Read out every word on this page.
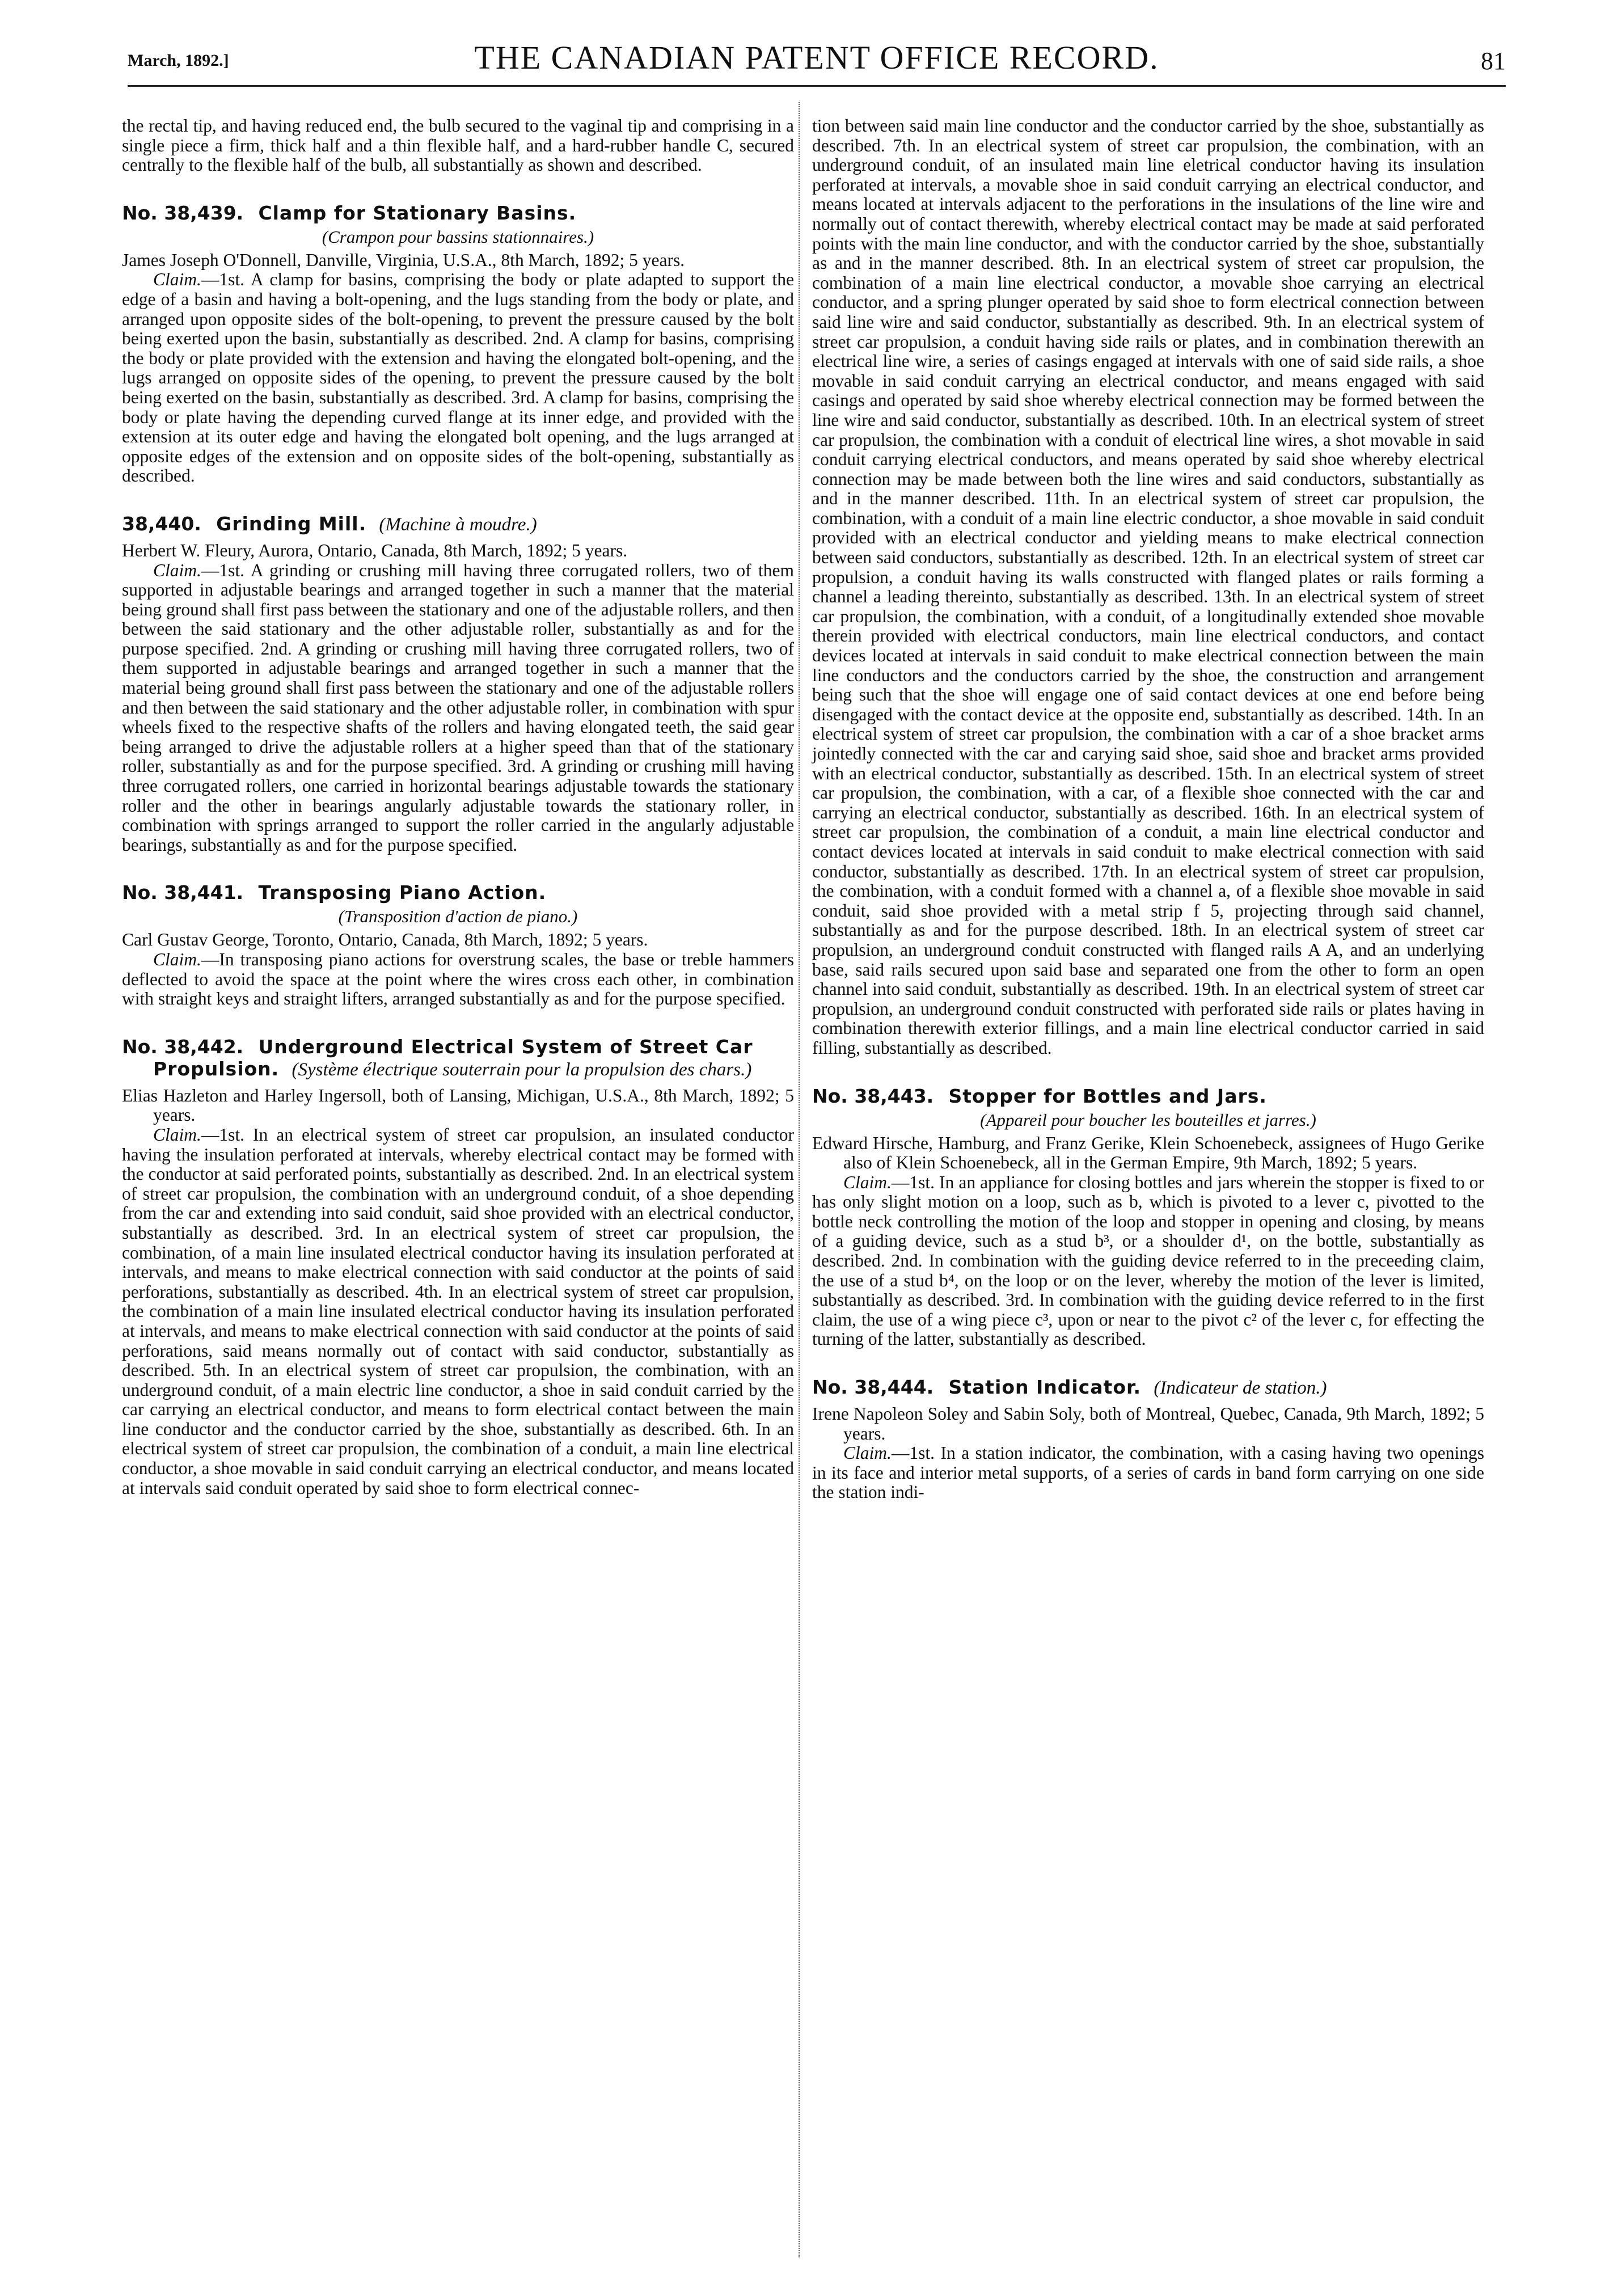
March, 1892.]	THE CANADIAN PATENT OFFICE RECORD.	81

the rectal tip, and having reduced end, the bulb secured to the vaginal tip and comprising in a single piece a firm, thick half and a thin flexible half, and a hard-rubber handle C, secured centrally to the flexible half of the bulb, all substantially as shown and described.

No. 38,439. Clamp for Stationary Basins.

(Crampon pour bassins stationnaires.)

James Joseph O'Donnell, Danville, Virginia, U.S.A., 8th March, 1892; 5 years.

Claim.—1st. A clamp for basins, comprising the body or plate adapted to support the edge of a basin and having a bolt-opening, and the lugs standing from the body or plate, and arranged upon opposite sides of the bolt-opening, to prevent the pressure caused by the bolt being exerted upon the basin, substantially as described. 2nd. A clamp for basins, comprising the body or plate provided with the extension and having the elongated bolt-opening, and the lugs arranged on opposite sides of the opening, to prevent the pressure caused by the bolt being exerted on the basin, substantially as described. 3rd. A clamp for basins, comprising the body or plate having the depending curved flange at its inner edge, and provided with the extension at its outer edge and having the elongated bolt opening, and the lugs arranged at opposite edges of the extension and on opposite sides of the bolt-opening, substantially as described.

38,440. Grinding Mill. (Machine à moudre.)

Herbert W. Fleury, Aurora, Ontario, Canada, 8th March, 1892; 5 years.

Claim.—1st. A grinding or crushing mill having three corrugated rollers, two of them supported in adjustable bearings and arranged together in such a manner that the material being ground shall first pass between the stationary and one of the adjustable rollers, and then between the said stationary and the other adjustable roller, substantially as and for the purpose specified. 2nd. A grinding or crushing mill having three corrugated rollers, two of them supported in adjustable bearings and arranged together in such a manner that the material being ground shall first pass between the stationary and one of the adjustable rollers and then between the said stationary and the other adjustable roller, in combination with spur wheels fixed to the respective shafts of the rollers and having elongated teeth, the said gear being arranged to drive the adjustable rollers at a higher speed than that of the stationary roller, substantially as and for the purpose specified. 3rd. A grinding or crushing mill having three corrugated rollers, one carried in horizontal bearings adjustable towards the stationary roller and the other in bearings angularly adjustable towards the stationary roller, in combination with springs arranged to support the roller carried in the angularly adjustable bearings, substantially as and for the purpose specified.

No. 38,441. Transposing Piano Action.

(Transposition d'action de piano.)

Carl Gustav George, Toronto, Ontario, Canada, 8th March, 1892; 5 years.

Claim.—In transposing piano actions for overstrung scales, the base or treble hammers deflected to avoid the space at the point where the wires cross each other, in combination with straight keys and straight lifters, arranged substantially as and for the purpose specified.

No. 38,442. Underground Electrical System of Street Car Propulsion. (Système électrique souterrain pour la propulsion des chars.)

Elias Hazleton and Harley Ingersoll, both of Lansing, Michigan, U.S.A., 8th March, 1892; 5 years.

Claim.—1st. In an electrical system of street car propulsion, an insulated conductor having the insulation perforated at intervals, whereby electrical contact may be formed with the conductor at said perforated points, substantially as described. 2nd. In an electrical system of street car propulsion, the combination with an underground conduit, of a shoe depending from the car and extending into said conduit, said shoe provided with an electrical conductor, substantially as described. 3rd. In an electrical system of street car propulsion, the combination, of a main line insulated electrical conductor having its insulation perforated at intervals, and means to make electrical connection with said conductor at the points of said perforations, substantially as described. 4th. In an electrical system of street car propulsion, the combination of a main line insulated electrical conductor having its insulation perforated at intervals, and means to make electrical connection with said conductor at the points of said perforations, said means normally out of contact with said conductor, substantially as described. 5th. In an electrical system of street car propulsion, the combination, with an underground conduit, of a main electric line conductor, a shoe in said conduit carried by the car carrying an electrical conductor, and means to form electrical contact between the main line conductor and the conductor carried by the shoe, substantially as described. 6th. In an electrical system of street car propulsion, the combination of a conduit, a main line electrical conductor, a shoe movable in said conduit carrying an electrical conductor, and means located at intervals said conduit operated by said shoe to form electrical connec-

tion between said main line conductor and the conductor carried by the shoe, substantially as described. 7th. In an electrical system of street car propulsion, the combination, with an underground conduit, of an insulated main line eletrical conductor having its insulation perforated at intervals, a movable shoe in said conduit carrying an electrical conductor, and means located at intervals adjacent to the perforations in the insulations of the line wire and normally out of contact therewith, whereby electrical contact may be made at said perforated points with the main line conductor, and with the conductor carried by the shoe, substantially as and in the manner described. 8th. In an electrical system of street car propulsion, the combination of a main line electrical conductor, a movable shoe carrying an electrical conductor, and a spring plunger operated by said shoe to form electrical connection between said line wire and said conductor, substantially as described. 9th. In an electrical system of street car propulsion, a conduit having side rails or plates, and in combination therewith an electrical line wire, a series of casings engaged at intervals with one of said side rails, a shoe movable in said conduit carrying an electrical conductor, and means engaged with said casings and operated by said shoe whereby electrical connection may be formed between the line wire and said conductor, substantially as described. 10th. In an electrical system of street car propulsion, the combination with a conduit of electrical line wires, a shot movable in said conduit carrying electrical conductors, and means operated by said shoe whereby electrical connection may be made between both the line wires and said conductors, substantially as and in the manner described. 11th. In an electrical system of street car propulsion, the combination, with a conduit of a main line electric conductor, a shoe movable in said conduit provided with an electrical conductor and yielding means to make electrical connection between said conductors, substantially as described. 12th. In an electrical system of street car propulsion, a conduit having its walls constructed with flanged plates or rails forming a channel a leading thereinto, substantially as described. 13th. In an electrical system of street car propulsion, the combination, with a conduit, of a longitudinally extended shoe movable therein provided with electrical conductors, main line electrical conductors, and contact devices located at intervals in said conduit to make electrical connection between the main line conductors and the conductors carried by the shoe, the construction and arrangement being such that the shoe will engage one of said contact devices at one end before being disengaged with the contact device at the opposite end, substantially as described. 14th. In an electrical system of street car propulsion, the combination with a car of a shoe bracket arms jointedly connected with the car and carying said shoe, said shoe and bracket arms provided with an electrical conductor, substantially as described. 15th. In an electrical system of street car propulsion, the combination, with a car, of a flexible shoe connected with the car and carrying an electrical conductor, substantially as described. 16th. In an electrical system of street car propulsion, the combination of a conduit, a main line electrical conductor and contact devices located at intervals in said conduit to make electrical connection with said conductor, substantially as described. 17th. In an electrical system of street car propulsion, the combination, with a conduit formed with a channel a, of a flexible shoe movable in said conduit, said shoe provided with a metal strip f 5, projecting through said channel, substantially as and for the purpose described. 18th. In an electrical system of street car propulsion, an underground conduit constructed with flanged rails A A, and an underlying base, said rails secured upon said base and separated one from the other to form an open channel into said conduit, substantially as described. 19th. In an electrical system of street car propulsion, an underground conduit constructed with perforated side rails or plates having in combination therewith exterior fillings, and a main line electrical conductor carried in said filling, substantially as described.

No. 38,443. Stopper for Bottles and Jars.

(Appareil pour boucher les bouteilles et jarres.)

Edward Hirsche, Hamburg, and Franz Gerike, Klein Schoenebeck, assignees of Hugo Gerike also of Klein Schoenebeck, all in the German Empire, 9th March, 1892; 5 years.

Claim.—1st. In an appliance for closing bottles and jars wherein the stopper is fixed to or has only slight motion on a loop, such as b, which is pivoted to a lever c, pivotted to the bottle neck controlling the motion of the loop and stopper in opening and closing, by means of a guiding device, such as a stud b³, or a shoulder d¹, on the bottle, substantially as described. 2nd. In combination with the guiding device referred to in the preceeding claim, the use of a stud b⁴, on the loop or on the lever, whereby the motion of the lever is limited, substantially as described. 3rd. In combination with the guiding device referred to in the first claim, the use of a wing piece c³, upon or near to the pivot c² of the lever c, for effecting the turning of the latter, substantially as described.

No. 38,444. Station Indicator. (Indicateur de station.)

Irene Napoleon Soley and Sabin Soly, both of Montreal, Quebec, Canada, 9th March, 1892; 5 years.

Claim.—1st. In a station indicator, the combination, with a casing having two openings in its face and interior metal supports, of a series of cards in band form carrying on one side the station indi-
